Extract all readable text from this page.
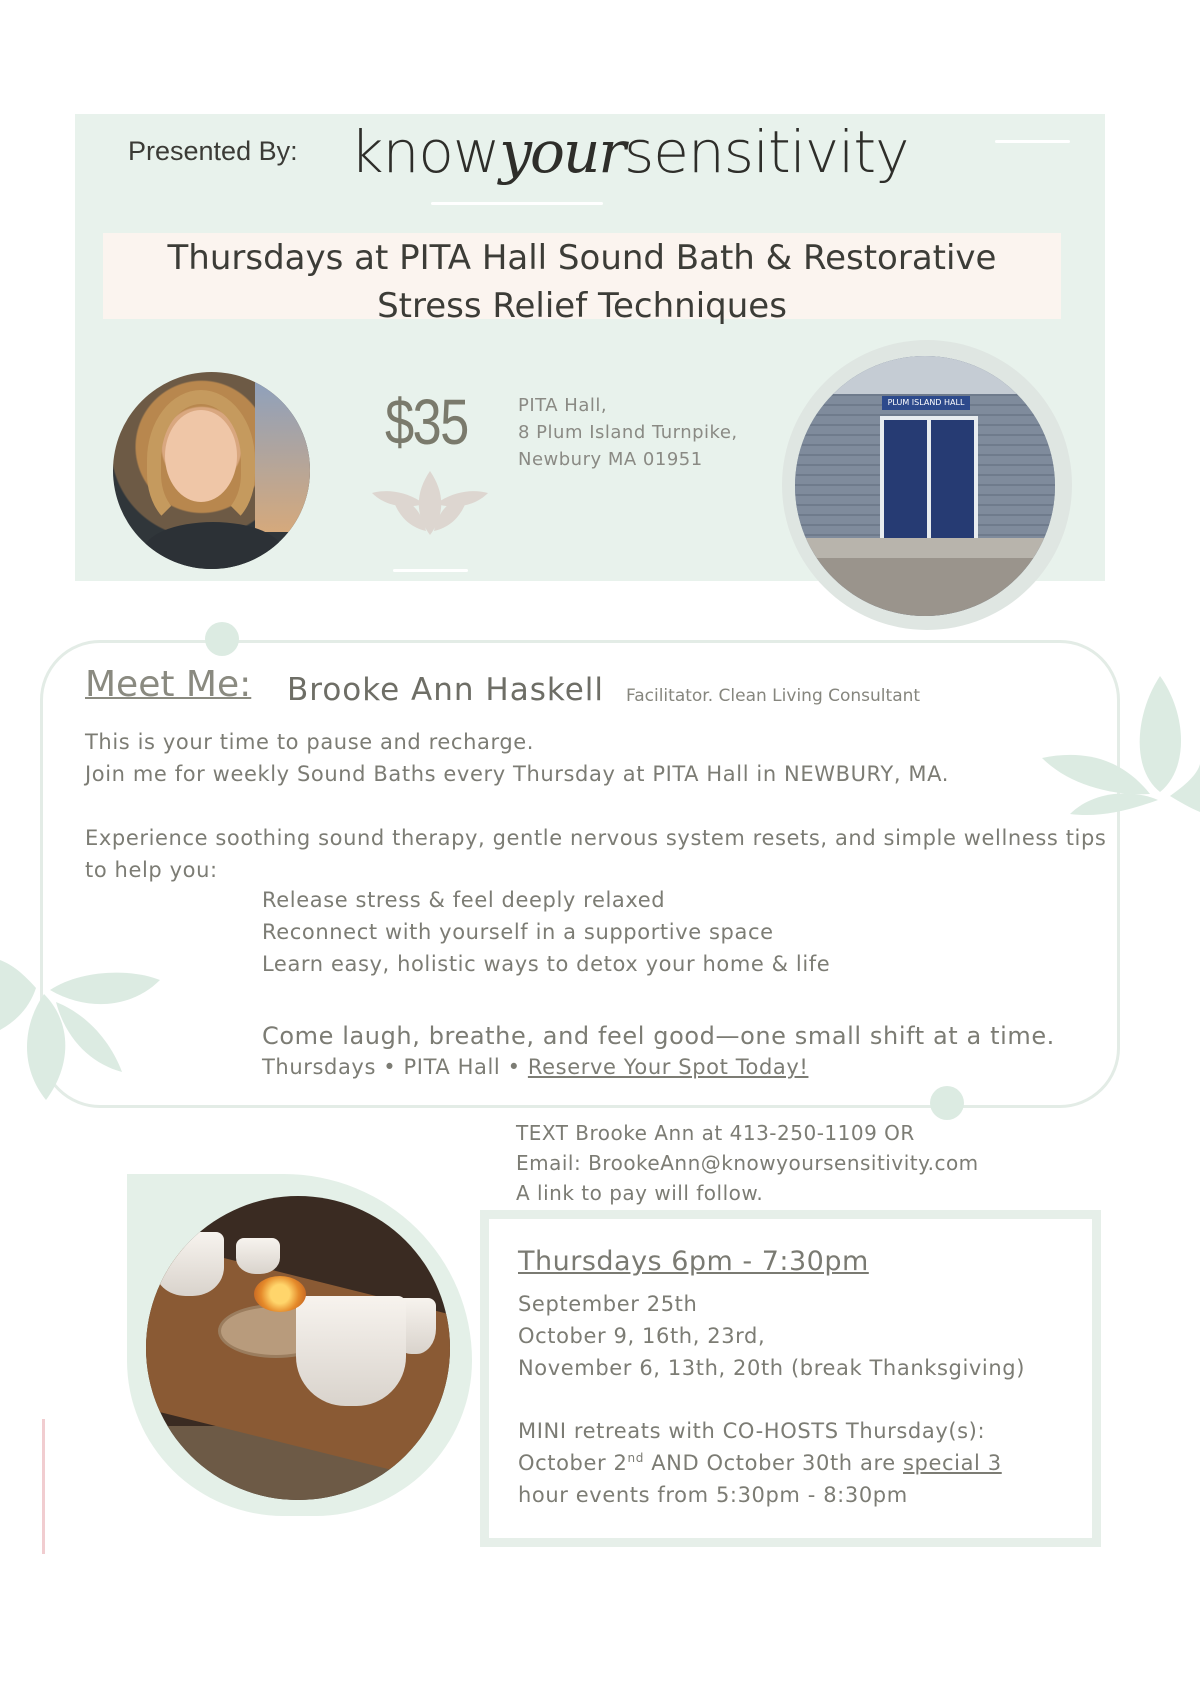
Presented By: knowyoursensitivity
Thursdays at PITA Hall Sound Bath & Restorative
Stress Relief Techniques
$35	PITA Hall,
8 Plum Island Turnpike,
Newbury MA 01951
PLUM ISLAND HALL
Meet Me: Brooke Ann Haskell Facilitator. Clean Living Consultant
This is your time to pause and recharge.
Join me for weekly Sound Baths every Thursday at PITA Hall in NEWBURY, MA.
Experience soothing sound therapy, gentle nervous system resets, and simple wellness tips
to help you:
Release stress & feel deeply relaxed
Reconnect with yourself in a supportive space
Learn easy, holistic ways to detox your home & life
Come laugh, breathe, and feel good—one small shift at a time.
Thursdays • PITA Hall • Reserve Your Spot Today!
TEXT Brooke Ann at 413-250-1109 OR
Email: BrookeAnn@knowyoursensitivity.com
A link to pay will follow.
Thursdays 6pm - 7:30pm
September 25th
October 9, 16th, 23rd,
November 6, 13th, 20th (break Thanksgiving)
MINI retreats with CO-HOSTS Thursday(s):
October 2nd AND October 30th are special 3
hour events from 5:30pm - 8:30pm
